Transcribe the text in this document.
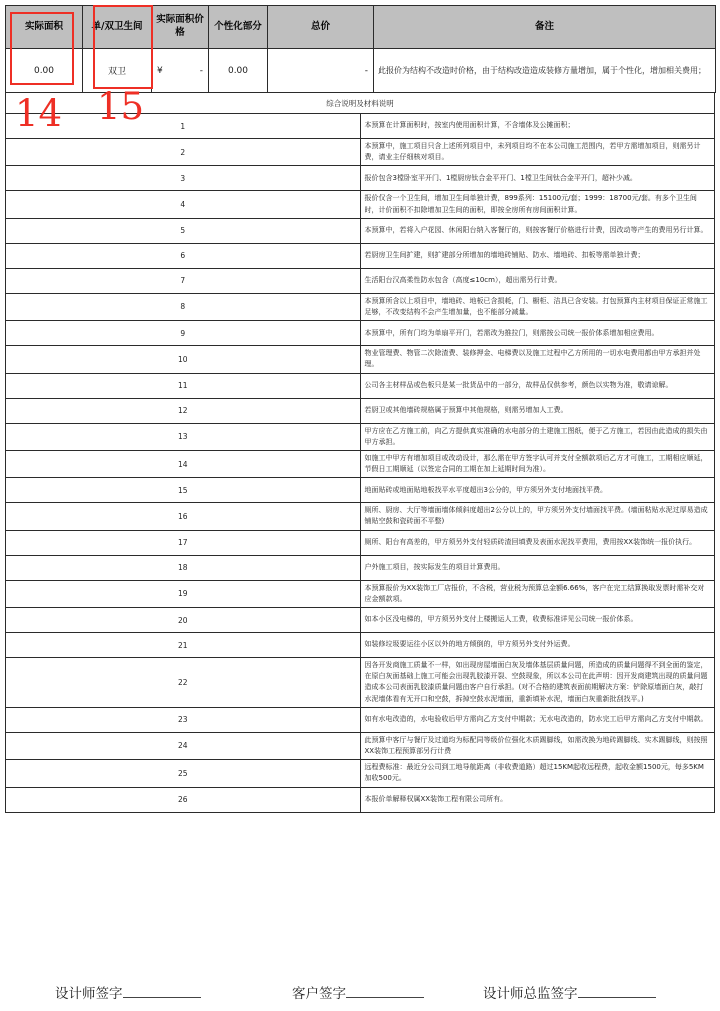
实际面积	单/双卫生间	实际面积价格	个性化部分	总价	备注
0.00	双卫	¥ -	0.00	-	此报价为结构不改造时价格，由于结构改造造成装修方量增加，属于个性化，增加相关费用；
综合说明及材料说明	
1	本预算在计算面积时，按室内使用面积计算，不含墙体及公摊面积；
2	本预算中，施工项目只含上述所列项目中，未列项目均不在本公司施工范围内，若甲方需增加项目，则需另计费，请业主仔细核对项目。
3	报价包含3樘卧室平开门、1樘厨房钛合金平开门、1樘卫生间钛合金平开门，超补少减。
4	报价仅含一个卫生间，增加卫生间单独计费，899系列：15100元/套；1999：18700元/套。有多个卫生间时，计价面积不扣除增加卫生间的面积，即按全房所有房间面积计算。
5	本预算中，若将入户花园、休闲阳台纳入客餐厅的，则按客餐厅价格进行计费，因改动等产生的费用另行计算。
6	若厨房卫生间扩建，则扩建部分所增加的墙地砖铺贴、防水、墙地砖、扣板等需单独计费；
7	生活阳台汉高柔性防水包含（高度≤10cm），超出需另行计费。
8	本预算所含以上项目中，墙地砖、地板已含损耗，门、橱柜、洁具已含安装。打包预算内主材项目保证正常施工足够，不改变结构不会产生增加量，也不能部分减量。
9	本预算中，所有门均为单扇平开门，若需改为推拉门，则需按公司统一报价体系增加相应费用。
10	物业管理费、物管二次除渣费、装修押金、电梯费以及施工过程中乙方所用的一切水电费用都由甲方承担并处理。
11	公司各主材样品或色板只是某一批货品中的一部分，故样品仅供参考，颜色以实物为准，敬请谅解。
12	若厨卫或其他墙砖规格属于预算中其他规格，则需另增加人工费。
13	甲方应在乙方施工前，向乙方提供真实准确的水电部分的土建施工图纸，便于乙方施工，若因由此造成的损失由甲方承担。
14	如施工中甲方有增加项目或改动设计，那么需在甲方签字认可并支付全额款项后乙方才可施工，工期相应顺延，节假日工期顺延（以签定合同的工期在加上延期时间为准）。
15	地面贴砖或地面贴地板找平水平度超出3公分的，甲方须另外支付地面找平费。
16	厕所、厨房、大厅等墙面墙体倾斜度超出2公分以上的，甲方须另外支付墙面找平费。(墙面粘贴水泥过厚易造成铺贴空鼓和瓷砖面不平整)
17	厕所、阳台有高差的，甲方须另外支付轻质砖渣回填费及表面水泥找平费用，费用按XX装饰统一报价执行。
18	户外施工项目，按实际发生的项目计算费用。
19	本预算报价为XX装饰工厂店报价，不含税，营业税为预算总金额6.66%，客户在完工结算换取发票时需补交对应金额款项。
20	如本小区没电梯的，甲方须另外支付上楼搬运人工费，收费标准详见公司统一报价体系。
21	如装修垃圾要运往小区以外的地方倾倒的，甲方须另外支付外运费。
22	因各开发商施工质量不一样，如出现房屋墙面白灰及墙体基层质量问题，所造成的质量问题得不到全面的鉴定，在原白灰面基础上施工可能会出现乳胶漆开裂、空鼓现象，所以本公司在此声明：因开发商建筑出现的质量问题造成本公司表面乳胶漆质量问题由客户自行承担。(对不合格的建筑表面前期解决方案：铲除原墙面白灰，敲打水泥墙体看有无开口和空鼓，拆掉空鼓水泥墙面，重新填补水泥，墙面白灰重新批刮找平。)
23	如有水电改造的，水电验收后甲方需向乙方支付中期款；无水电改造的，防水完工后甲方需向乙方支付中期款。
24	此预算中客厅与餐厅及过道均为标配同等级价位强化木质踢脚线，如需改换为地砖踢脚线、实木踢脚线，则按照XX装饰工程预算部另行计费
25	远程费标准：最近分公司到工地导航距离（非收费道路）超过15KM起收远程费，起收金额1500元，每多5KM加收500元。
26	本报价单解释权属XX装饰工程有限公司所有。
14 15
设计师签字	客户签字	设计师总监签字
